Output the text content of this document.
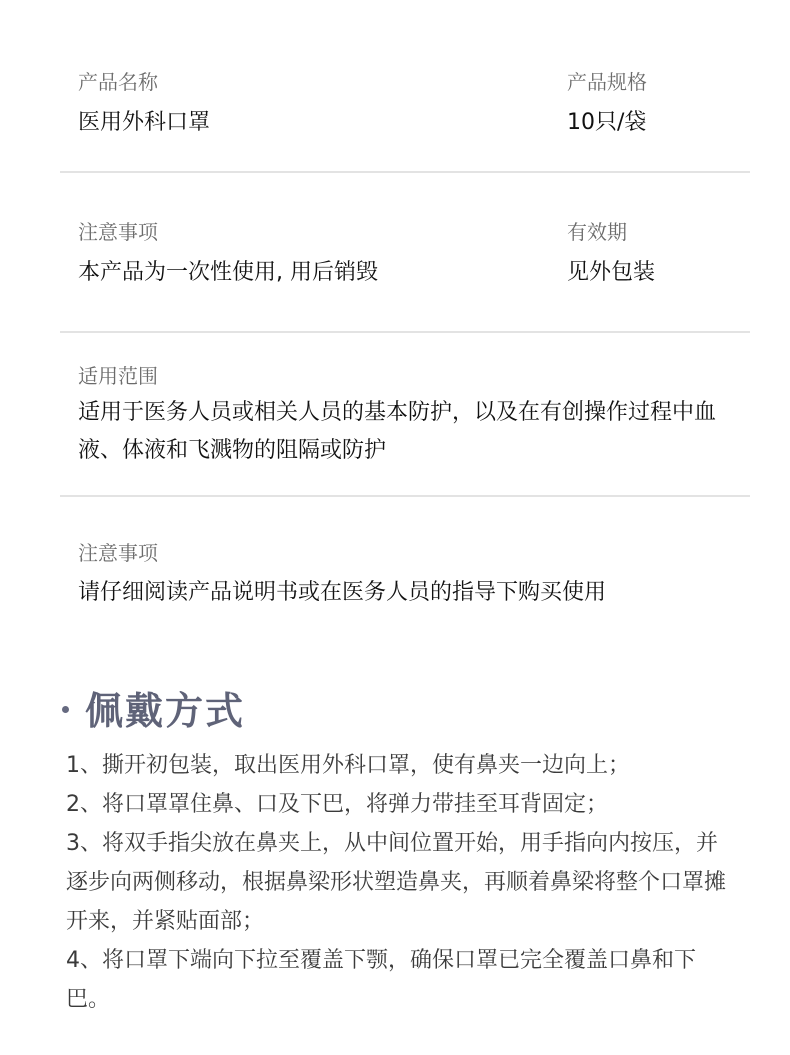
产品名称
医用外科口罩
产品规格
10只/袋
注意事项
本产品为一次性使用, 用后销毁
有效期
见外包装
适用范围
适用于医务人员或相关人员的基本防护，以及在有创操作过程中血液、体液和飞溅物的阻隔或防护
注意事项
请仔细阅读产品说明书或在医务人员的指导下购买使用
佩戴方式
1、撕开初包装，取出医用外科口罩，使有鼻夹一边向上；
2、将口罩罩住鼻、口及下巴，将弹力带挂至耳背固定；
3、将双手指尖放在鼻夹上，从中间位置开始，用手指向内按压，并逐步向两侧移动，根据鼻梁形状塑造鼻夹，再顺着鼻梁将整个口罩摊开来，并紧贴面部；
4、将口罩下端向下拉至覆盖下颚，确保口罩已完全覆盖口鼻和下巴。
